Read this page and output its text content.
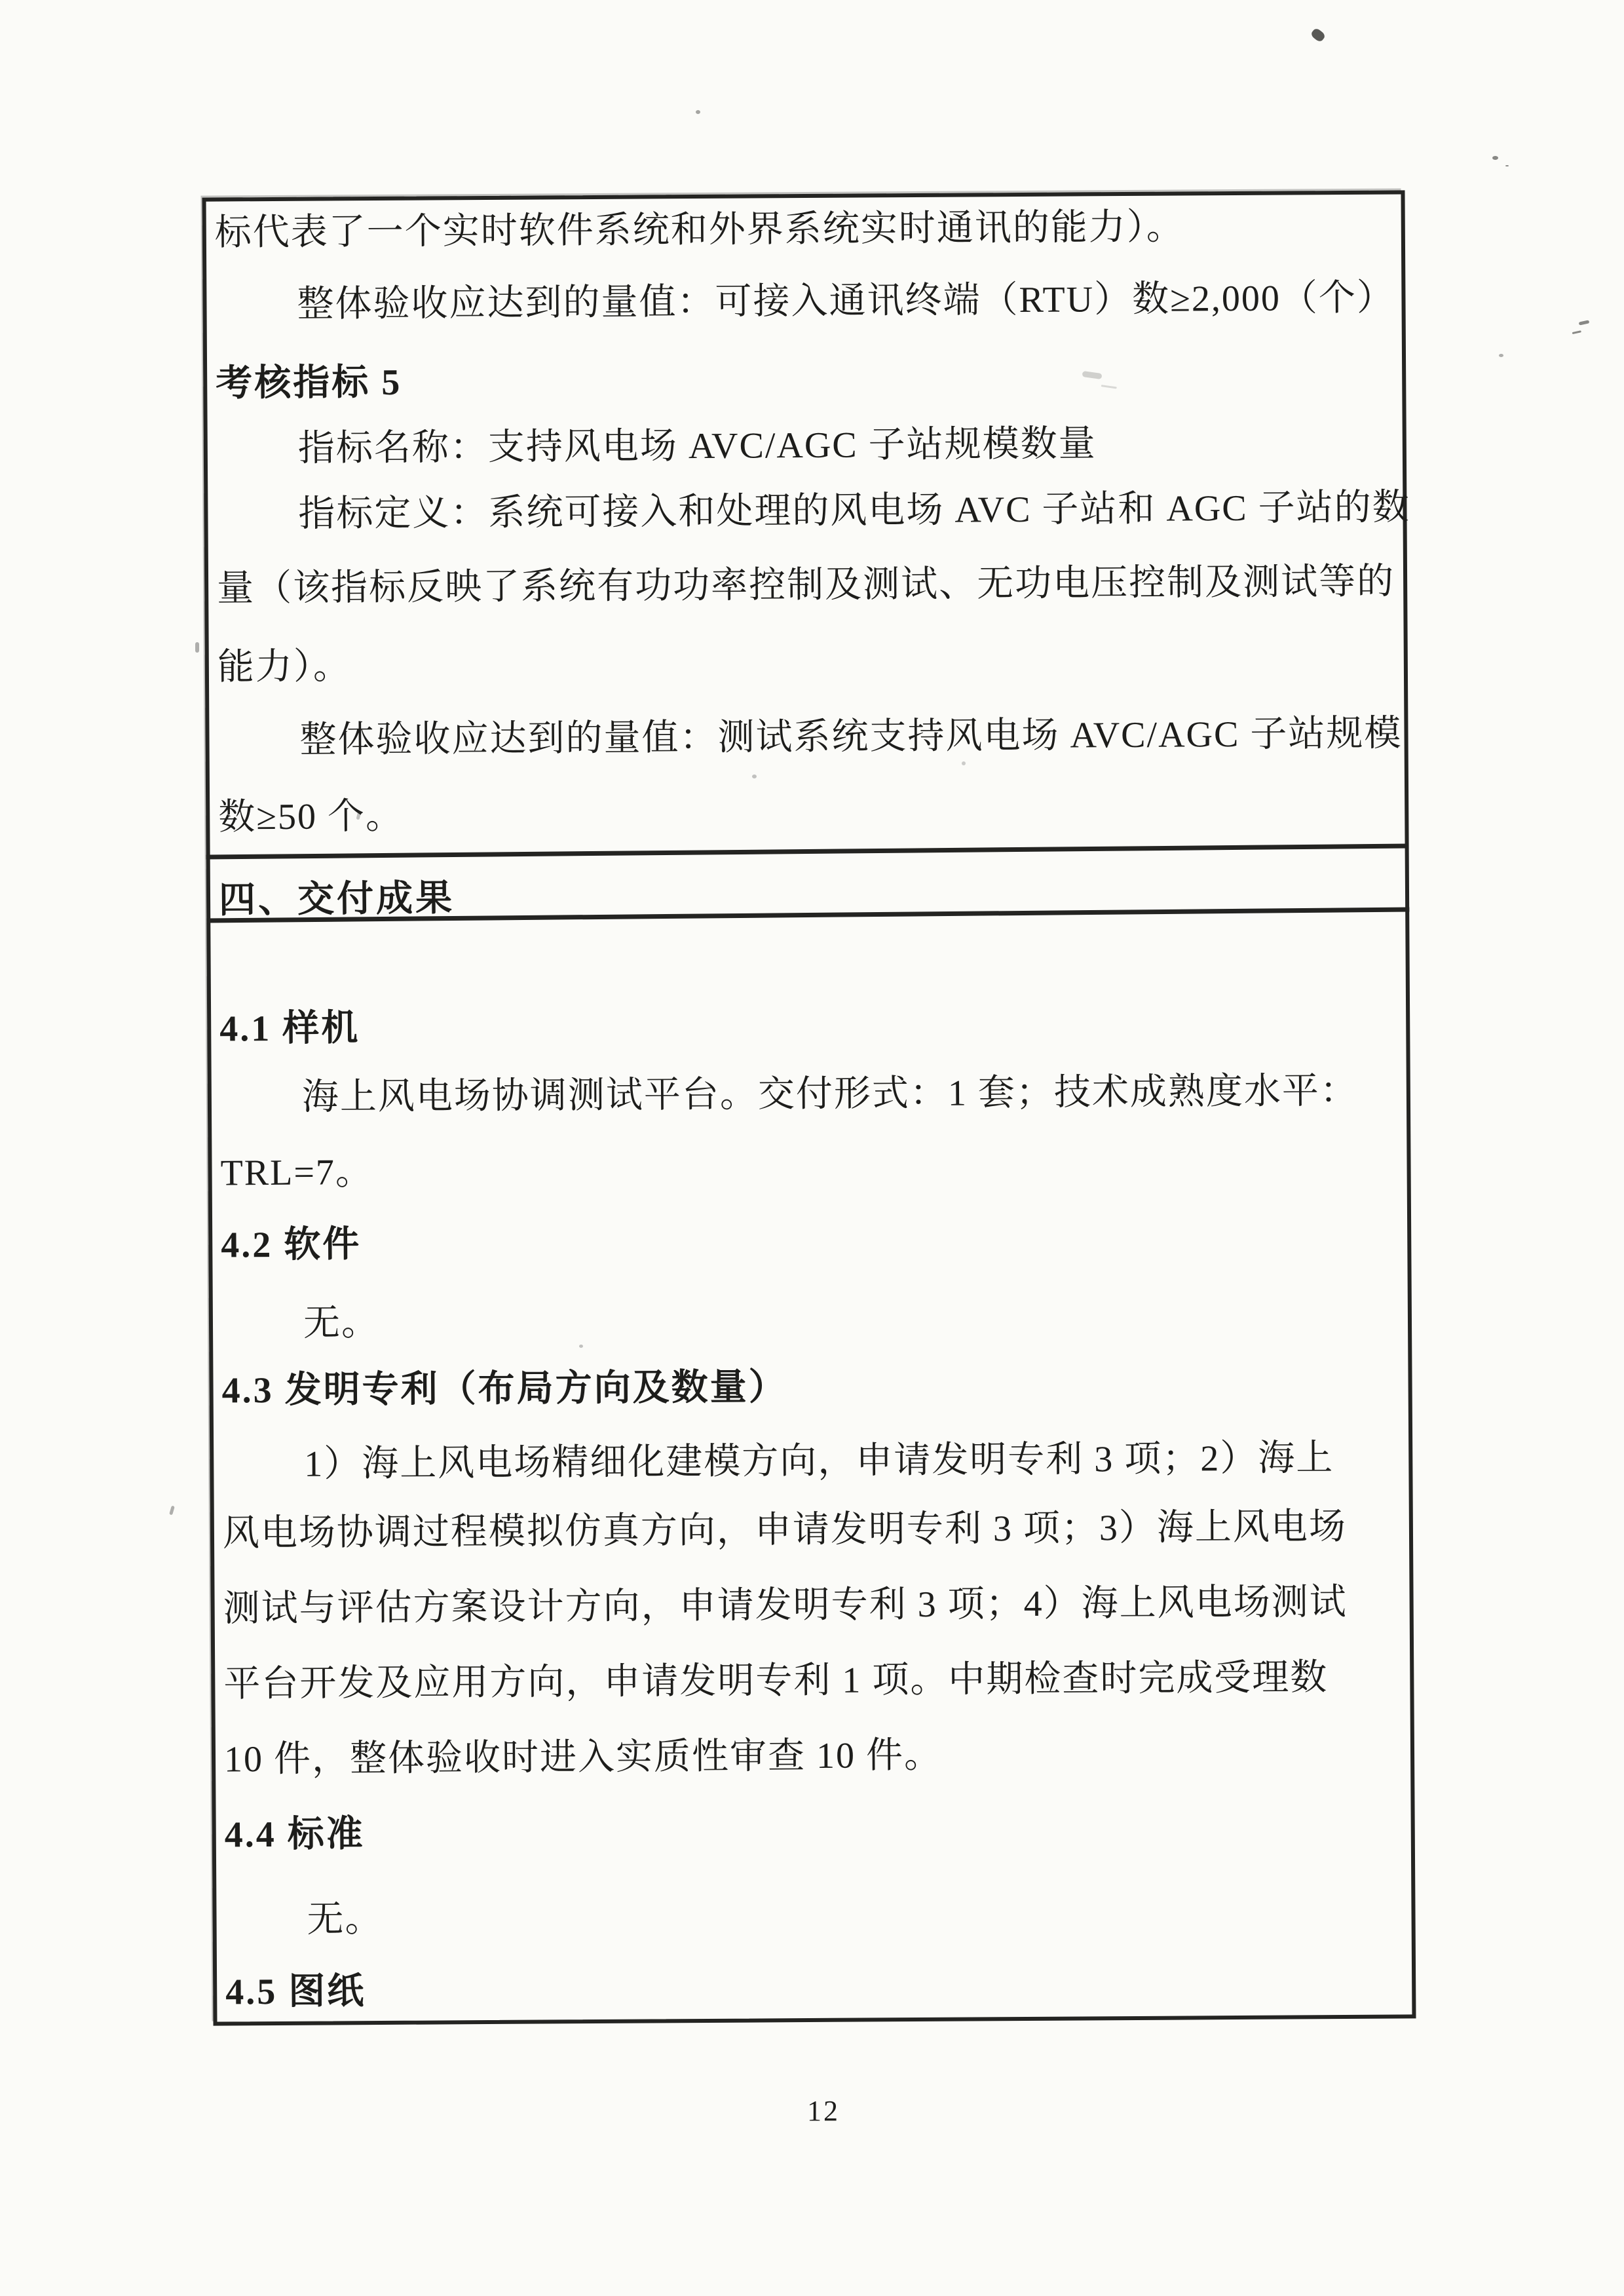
四、交付成果
标代表了一个实时软件系统和外界系统实时通讯的能力）。
整体验收应达到的量值：可接入通讯终端（RTU）数≥2,000（个）
考核指标 5
指标名称：支持风电场 AVC/AGC 子站规模数量
指标定义：系统可接入和处理的风电场 AVC 子站和 AGC 子站的数
量（该指标反映了系统有功功率控制及测试、无功电压控制及测试等的
能力）。
整体验收应达到的量值：测试系统支持风电场 AVC/AGC 子站规模
数≥50 个。
4.1 样机
海上风电场协调测试平台。交付形式：1 套；技术成熟度水平：
TRL=7。
4.2 软件
无。
4.3 发明专利（布局方向及数量）
1）海上风电场精细化建模方向，申请发明专利 3 项；2）海上
风电场协调过程模拟仿真方向，申请发明专利 3 项；3）海上风电场
测试与评估方案设计方向，申请发明专利 3 项；4）海上风电场测试
平台开发及应用方向，申请发明专利 1 项。中期检查时完成受理数
10 件，整体验收时进入实质性审查 10 件。
4.4 标准
无。
4.5 图纸
12
